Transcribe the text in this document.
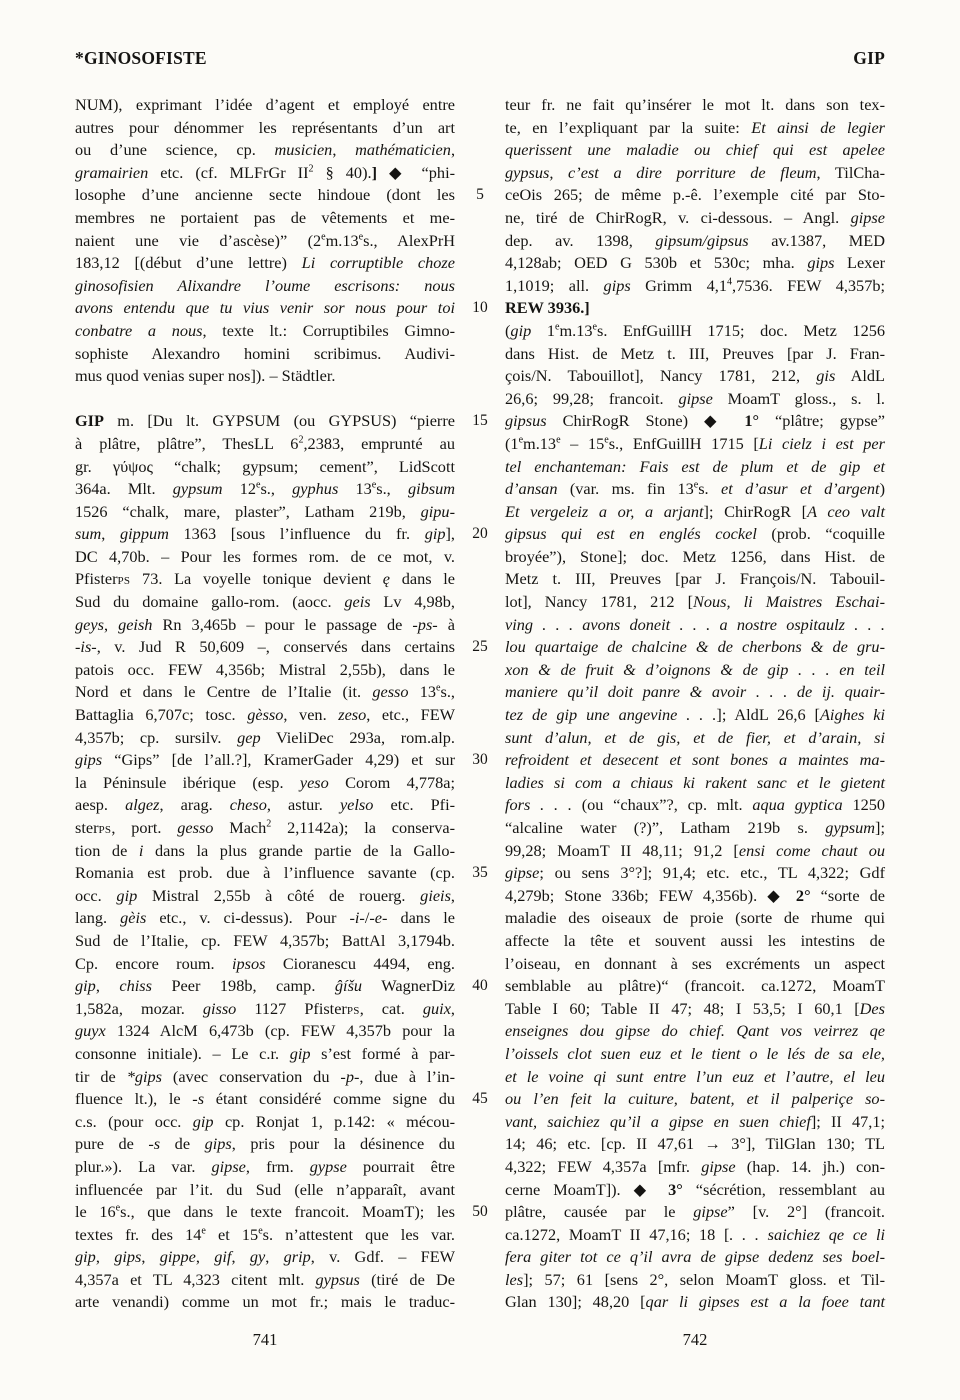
*GINOSOFISTE	GIP
NUM), exprimant l’idée d’agent et employé entre
autres pour dénommer les représentants d’un art
ou d’une science, cp. musicien, mathématicien,
gramairien etc. (cf. MLFrGr $II^2$ § 40).] ◆ “phi-
losophe d’une ancienne secte hindoue (dont les
membres ne portaient pas de vêtements et me-
naient une vie d’ascèse)” (2em.13es., AlexPrH
183,12 [(début d’une lettre) Li corruptible choze
ginosofisien Alixandre l’oume escrisons: nous
avons entendu que tu vius venir sor nous pour toi
conbatre a nous, texte lt.: Corruptibiles Gimno-
sophiste Alexandro homini scribimus. Audivi-
mus quod venias super nos]). – Städtler.
GIP m. [Du lt. GYPSUM (ou GYPSUS) “pierre
à plâtre, plâtre”, ThesLL $6^2,2383$, emprunté au
gr. γύψος “chalk; gypsum; cement”, LidScott
364a. Mlt. gypsum 12es., gyphus 13es., gibsum
1526 “chalk, mare, plaster”, Latham 219b, gipu-
sum, gippum 1363 [sous l’influence du fr. gip],
DC 4,70b. – Pour les formes rom. de ce mot, v.
Pfisterps 73. La voyelle tonique devient ę dans le
Sud du domaine gallo-rom. (aocc. geis Lv 4,98b,
geys, geish Rn 3,465b – pour le passage de -ps- à
-is-, v. Jud R 50,609 –, conservés dans certains
patois occ. FEW 4,356b; Mistral 2,55b), dans le
Nord et dans le Centre de l’Italie (it. gesso 13es.,
Battaglia 6,707c; tosc. gèsso, ven. zeso, etc., FEW
4,357b; cp. sursilv. gep VieliDec 293a, rom.alp.
gips “Gips” [de l’all.?], KramerGader 4,29) et sur
la Péninsule ibérique (esp. yeso Corom 4,778a;
aesp. algez, arag. cheso, astur. yelso etc. Pfi-
sterps, port. gesso Mach$^2$ 2,1142a); la conserva-
tion de i dans la plus grande partie de la Gallo-
Romania est prob. due à l’influence savante (cp.
occ. gip Mistral 2,55b à côté de rouerg. gieis,
lang. gèis etc., v. ci-dessus). Pour -i-/-e- dans le
Sud de l’Italie, cp. FEW 4,357b; BattAl 3,1794b.
Cp. encore roum. ipsos Cioranescu 4494, eng.
gip, chiss Peer 198b, camp. ĝíšu WagnerDiz
1,582a, mozar. gisso 1127 Pfisterps, cat. guix,
guyx 1324 AlcM 6,473b (cp. FEW 4,357b pour la
consonne initiale). – Le c.r. gip s’est formé à par-
tir de *gips (avec conservation du -p-, due à l’in-
fluence lt.), le -s étant considéré comme signe du
c.s. (pour occ. gip cp. Ronjat 1, p.142: « mécou-
pure de -s de gips, pris pour la désinence du
plur.»). La var. gipse, frm. gypse pourrait être
influencée par l’it. du Sud (elle n’apparaît, avant
le 16es., que dans le texte francoit. MoamT); les
textes fr. des 14e et 15es. n’attestent que les var.
gip, gips, gippe, gif, gy, grip, v. Gdf. – FEW
4,357a et TL 4,323 citent mlt. gypsus (tiré de De
arte venandi) comme un mot fr.; mais le traduc-
5
10
15
20
25
30
35
40
45
50
teur fr. ne fait qu’insérer le mot lt. dans son tex-
te, en l’expliquant par la suite: Et ainsi de legier
querissent une maladie ou chief qui est apelee
gypsus, c’est a dire porriture de fleum, TilCha-
ceOis 265; de même p.-ê. l’exemple cité par Sto-
ne, tiré de ChirRogR, v. ci-dessous. – Angl. gipse
dep. av. 1398, gipsum/gipsus av.1387, MED
4,128ab; OED G 530b et 530c; mha. gips Lexer
1,1019; all. gips Grimm $4,1^4,7536$. FEW 4,357b;
REW 3936.]
(gip 1em.13es. EnfGuillH 1715; doc. Metz 1256
dans Hist. de Metz t. III, Preuves [par J. Fran-
çois/N. Tabouillot], Nancy 1781, 212, gis AldL
26,6; 99,28; francoit. gipse MoamT gloss., s. l.
gipsus ChirRogR Stone) ◆ 1° “plâtre; gypse”
(1em.13e – 15es., EnfGuillH 1715 [Li cielz i est per
tel enchanteman: Fais est de plum et de gip et
d’ansan (var. ms. fin 13es. et d’asur et d’argent)
Et vergeleiz a or, a arjant]; ChirRogR [A ceo valt
gipsus qui est en englés cockel (prob. “coquille
broyée”), Stone]; doc. Metz 1256, dans Hist. de
Metz t. III, Preuves [par J. François/N. Tabouil-
lot], Nancy 1781, 212 [Nous, li Maistres Eschai-
ving . . . avons doneit . . . a nostre ospitaulz . . .
lou quartaige de chalcine & de cherbons & de gru-
xon & de fruit & d’oignons & de gip . . . en teil
maniere qu’il doit panre & avoir . . . de ij. quair-
tez de gip une angevine . . .]; AldL 26,6 [Aighes ki
sunt d’alun, et de gis, et de fier, et d’arain, si
refroident et desecent et sont bones a maintes ma-
ladies si com a chiaus ki rakent sanc et le gietent
fors . . . (ou “chaux”?, cp. mlt. aqua gyptica 1250
“alcaline water (?)”, Latham 219b s. gypsum];
99,28; MoamT II 48,11; 91,2 [ensi come chaut ou
gipse; ou sens 3°?]; 91,4; etc. etc., TL 4,322; Gdf
4,279b; Stone 336b; FEW 4,356b). ◆ 2° “sorte de
maladie des oiseaux de proie (sorte de rhume qui
affecte la tête et souvent aussi les intestins de
l’oiseau, en donnant à ses excréments un aspect
semblable au plâtre)“ (francoit. ca.1272, MoamT
Table I 60; Table II 47; 48; I 53,5; I 60,1 [Des
enseignes dou gipse do chief. Qant vos veirrez qe
l’oissels clot suen euz et le tient o le lés de sa ele,
et le voine qi sunt entre l’un euz et l’autre, el leu
ou l’en feit la cuiture, batent, et il palperiçe so-
vant, saichiez qu’il a gipse en suen chief]; II 47,1;
14; 46; etc. [cp. II 47,61 → 3°], TilGlan 130; TL
4,322; FEW 4,357a [mfr. gipse (hap. 14. jh.) con-
cerne MoamT]). ◆ 3° “sécrétion, ressemblant au
plâtre, causée par le gipse” [v. 2°] (francoit.
ca.1272, MoamT II 47,16; 18 [. . . saichiez qe ce li
fera giter tot ce q’il avra de gipse dedenz ses boel-
les]; 57; 61 [sens 2°, selon MoamT gloss. et Til-
Glan 130]; 48,20 [qar li gipses est a la foee tant
741	742
